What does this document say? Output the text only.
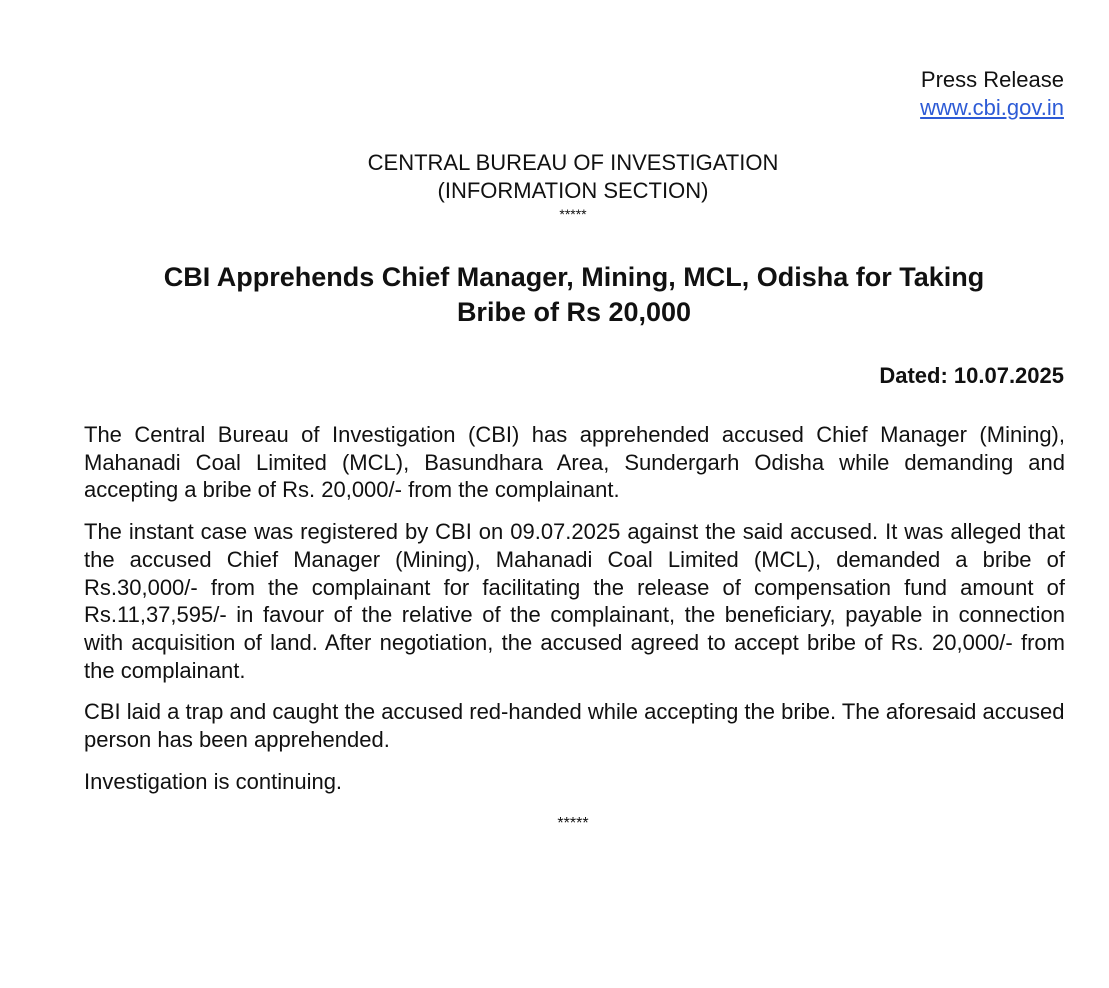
Press Release
www.cbi.gov.in
CENTRAL BUREAU OF INVESTIGATION
(INFORMATION SECTION)
*****
CBI Apprehends Chief Manager, Mining, MCL, Odisha for Taking
Bribe of Rs 20,000
Dated: 10.07.2025

The Central Bureau of Investigation (CBI) has apprehended accused Chief Manager (Mining), Mahanadi Coal Limited (MCL), Basundhara Area, Sundergarh Odisha while demanding and accepting a bribe of Rs. 20,000/- from the complainant.

The instant case was registered by CBI on 09.07.2025 against the said accused. It was alleged that the accused Chief Manager (Mining), Mahanadi Coal Limited (MCL), demanded a bribe of Rs.30,000/- from the complainant for facilitating the release of compensation fund amount of Rs.11,37,595/- in favour of the relative of the complainant, the beneficiary, payable in connection with acquisition of land. After negotiation, the accused agreed to accept bribe of Rs. 20,000/- from the complainant.

CBI laid a trap and caught the accused red-handed while accepting the bribe. The aforesaid accused person has been apprehended.

Investigation is continuing.

*****
